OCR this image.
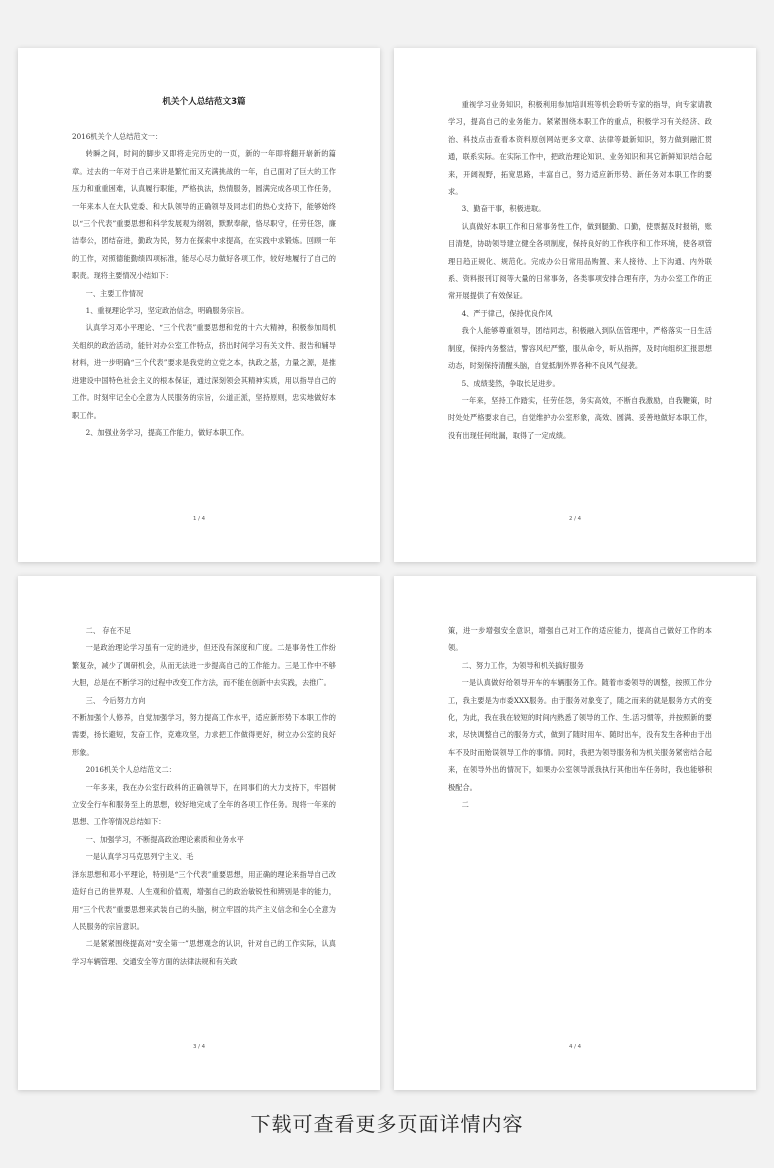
机关个人总结范文3篇

2016机关个人总结范文一：

转瞬之间，时间的脚步又即将走完历史的一页，新的一年即将翻开崭新的篇章。过去的一年对于自己来讲是繁忙而又充满挑战的一年，自己面对了巨大的工作压力和重重困难，认真履行职能，严格执法，热情服务，圆满完成各项工作任务，一年来本人在大队党委、和大队领导的正确领导及同志们的热心支持下，能够始终以“三个代表”重要思想和科学发展观为纲领，默默奉献，恪尽职守，任劳任怨，廉洁奉公，团结奋进，勤政为民，努力在探索中求提高，在实践中求锻炼。回顾一年的工作，对照德能勤绩四项标准，能尽心尽力做好各项工作，较好地履行了自己的职责。现将主要情况小结如下：

一、主要工作情况

1、重视理论学习，坚定政治信念，明确服务宗旨。

认真学习邓小平理论、“三个代表”重要思想和党的十六大精神，积极参加局机关组织的政治活动，能针对办公室工作特点，挤出时间学习有关文件、报告和辅导材料，进一步明确“三个代表”要求是我党的立党之本，执政之基，力量之源，是推进建设中国特色社会主义的根本保证，通过深刻领会其精神实质，用以指导自己的工作。时刻牢记全心全意为人民服务的宗旨，公道正派，坚持原则，忠实地做好本职工作。

2、加强业务学习，提高工作能力，做好本职工作。

1 / 4

重视学习业务知识，积极利用参加培训班等机会聆听专家的指导，向专家请教学习，提高自己的业务能力。紧紧围绕本职工作的重点，积极学习有关经济、政治、科技点击查看本资料原创网站更多文章、法律等最新知识，努力做到融汇贯通，联系实际。在实际工作中，把政治理论知识、业务知识和其它新鲜知识结合起来，开阔视野，拓宽思路，丰富自己，努力适应新形势、新任务对本职工作的要求。

3、勤奋干事，积极进取。

认真做好本职工作和日常事务性工作，做到腿勤、口勤，使票据及时报销，账目清楚，协助领导建立健全各项制度，保持良好的工作秩序和工作环境，使各项管理日趋正规化、规范化。完成办公日常用品购置、来人接待、上下沟通、内外联系、资料报刊订阅等大量的日常事务，各类事项安排合理有序，为办公室工作的正常开展提供了有效保证。

4、严于律己，保持优良作风

我个人能够尊重领导，团结同志，积极融入到队伍管理中，严格落实一日生活制度，保持内务整洁，警容风纪严整，服从命令，听从指挥，及时向组织汇报思想动态，时刻保持清醒头脑，自觉抵制外界各种不良风气侵袭。

5、成绩斐然，争取长足进步。

一年来，坚持工作踏实，任劳任怨，务实高效，不断自我激励，自我鞭策，时时处处严格要求自己，自觉维护办公室形象，高效、圆满、妥善地做好本职工作，没有出现任何纰漏，取得了一定成绩。

2 / 4

二、 存在不足

一是政治理论学习虽有一定的进步，但还没有深度和广度。二是事务性工作纷繁复杂，减少了调研机会，从而无法进一步提高自己的工作能力。三是工作中不够大胆，总是在不断学习的过程中改变工作方法，而不能在创新中去实践，去推广。

三、 今后努力方向

不断加强个人修养，自觉加强学习，努力提高工作水平，适应新形势下本职工作的需要，扬长避短，发奋工作，克难攻坚，力求把工作做得更好，树立办公室的良好形象。

2016机关个人总结范文二：

一年多来，我在办公室行政科的正确领导下，在同事们的大力支持下，牢固树立安全行车和服务至上的思想，较好地完成了全年的各项工作任务。现将一年来的思想、工作等情况总结如下：

一、加强学习，不断提高政治理论素质和业务水平

一是认真学习马克思列宁主义、毛

泽东思想和邓小平理论，特别是“三个代表”重要思想，用正确的理论来指导自己改造好自己的世界观、人生观和价值观，增强自己的政治敏锐性和辨别是非的能力，用“三个代表”重要思想来武装自己的头脑，树立牢固的共产主义信念和全心全意为人民服务的宗旨意识。

二是紧紧围绕提高对“安全第一”思想观念的认识，针对自己的工作实际，认真学习车辆管理、交通安全等方面的法律法规和有关政

3 / 4

策，进一步增强安全意识，增强自己对工作的适应能力，提高自己做好工作的本领。

二、努力工作，为领导和机关搞好服务

一是认真做好给领导开车的车辆服务工作。随着市委领导的调整，按照工作分工，我主要是为市委XXX服务。由于服务对象变了，随之而来的就是服务方式的变化，为此，我在我在较短的时间内熟悉了领导的工作、生.活习惯等，并按照新的要求，尽快调整自己的服务方式，做到了随时用车、随时出车，没有发生各种由于出车不及时而贻误领导工作的事情。同时，我把为领导服务和为机关服务紧密结合起来，在领导外出的情况下，如果办公室领导派我执行其他出车任务时，我也能够积极配合。

二

4 / 4
下载可查看更多页面详情内容
